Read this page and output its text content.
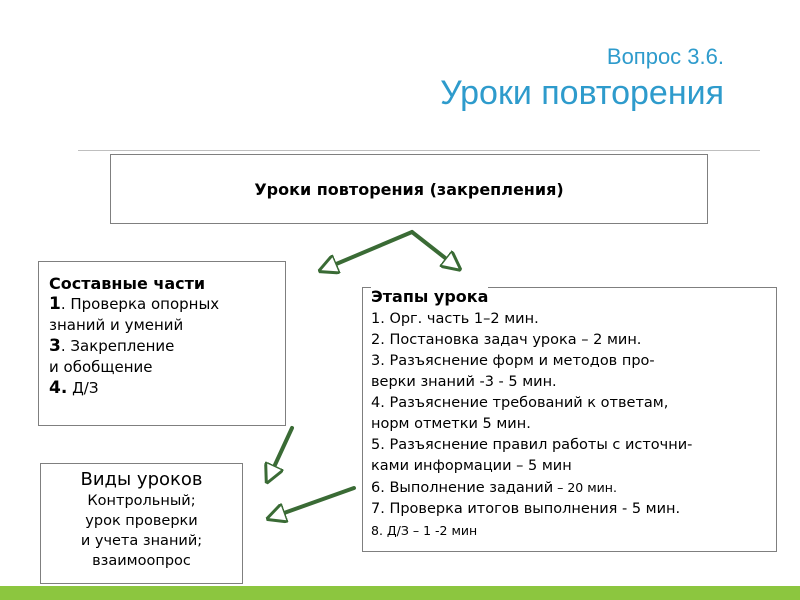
Вопрос 3.6.
Уроки повторения
Уроки повторения (закрепления)
Составные части
1. Проверка опорных
знаний и умений
3. Закрепление
и обобщение
4. Д/З
Этапы урока
1. Орг. часть 1–2 мин.
2. Постановка задач урока – 2 мин.
3. Разъяснение форм и методов про-
верки знаний -3 - 5 мин.
4. Разъяснение требований к ответам,
норм отметки 5 мин.
5. Разъяснение правил работы с источни-
ками информации – 5 мин
6. Выполнение заданий – 20 мин.
7. Проверка итогов выполнения - 5 мин.
8. Д/З – 1 -2 мин
Виды уроков
Контрольный;
урок проверки
и учета знаний;
взаимоопрос
24
